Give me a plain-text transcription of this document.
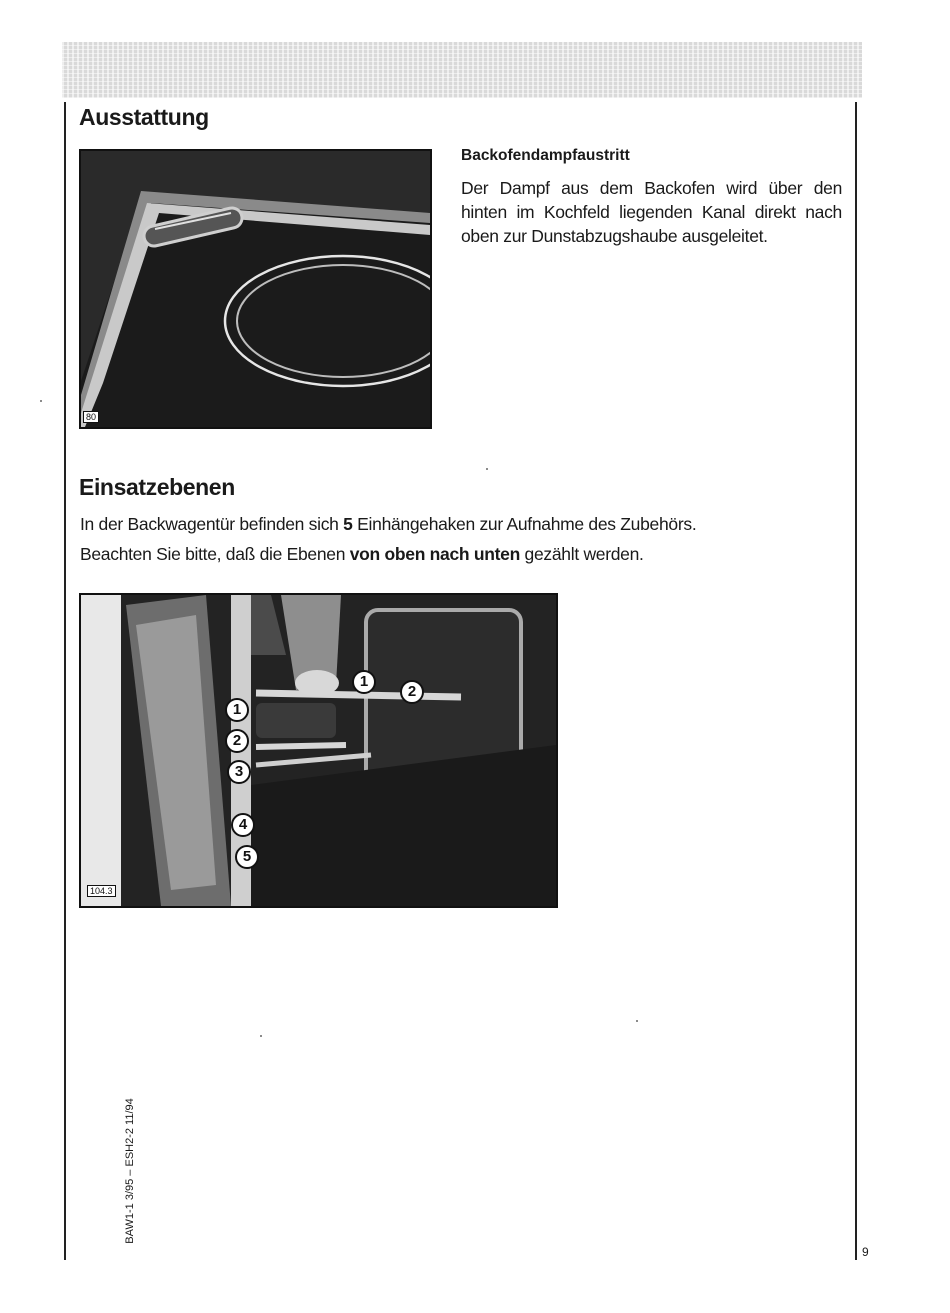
Ausstattung
80
Backofendampfaustritt

Der Dampf aus dem Backofen wird über den hinten im Kochfeld liegenden Kanal direkt nach oben zur Dunstabzugshaube ausgeleitet.

Einsatzebenen

In der Backwagentür befinden sich 5 Einhängehaken zur Aufnahme des Zubehörs.

Beachten Sie bitte, daß die Ebenen von oben nach unten gezählt werden.

1
2
1
2
3
4
5
104.3
BAW1-1 3/95 – ESH2-2 11/94
9
